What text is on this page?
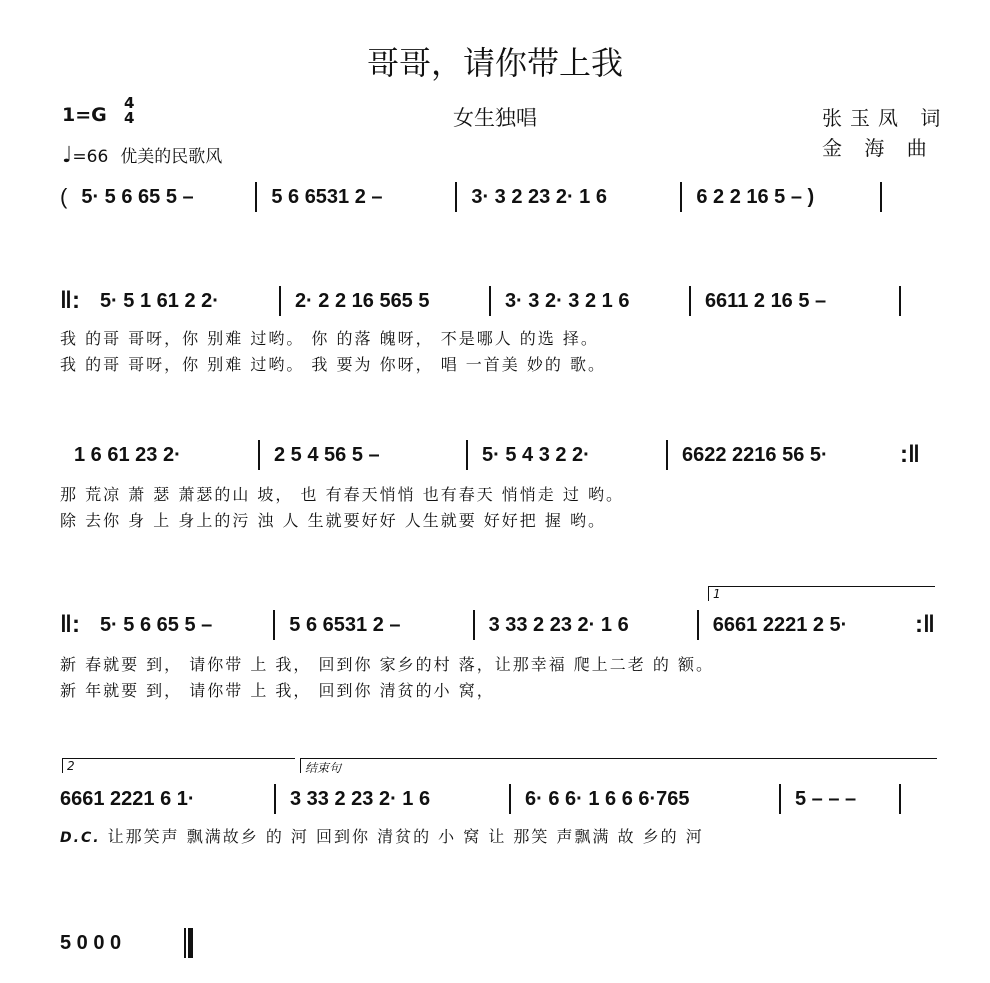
哥哥，请你带上我
1=G
4
4
♩=66 优美的民歌风
女生独唱	张玉凤 词
金 海 曲
( 5· 5 6 65 5 –	5 6 6531 2 –	3· 3 2 23 2· 1 6	6 2 2 16 5 – )
‖:	5· 5 1 61 2 2·	2· 2 2 16 565 5	3· 3 2· 3 2 1 6	6611 2 16 5 –
我 的哥 哥呀，你 别难 过哟。 你 的落 魄呀， 不是哪人 的选 择。
我 的哥 哥呀，你 别难 过哟。 我 要为 你呀， 唱 一首美 妙的 歌。
1 6 61 23 2·	2 5 4 56 5 –	5· 5 4 3 2 2·	6622 2216 56 5·	:‖
那 荒凉 萧 瑟 萧瑟的山 坡， 也 有春天悄悄 也有春天 悄悄走 过 哟。
除 去你 身 上 身上的污 浊 人 生就要好好 人生就要 好好把 握 哟。
1
‖:	5· 5 6 65 5 –	5 6 6531 2 –	3 33 2 23 2· 1 6	6661 2221 2 5·	:‖
新 春就要 到， 请你带 上 我， 回到你 家乡的村 落，让那幸福 爬上二老 的 额。
新 年就要 到， 请你带 上 我， 回到你 清贫的小 窝，
2	结束句
6661 2221 6 1·	3 33 2 23 2· 1 6	6· 6 6· 1 6 6 6·765	5 – – –
D.C. 让那笑声 飘满故乡 的 河 回到你 清贫的 小 窝 让 那笑 声飘满 故 乡的 河
5 0 0 0
